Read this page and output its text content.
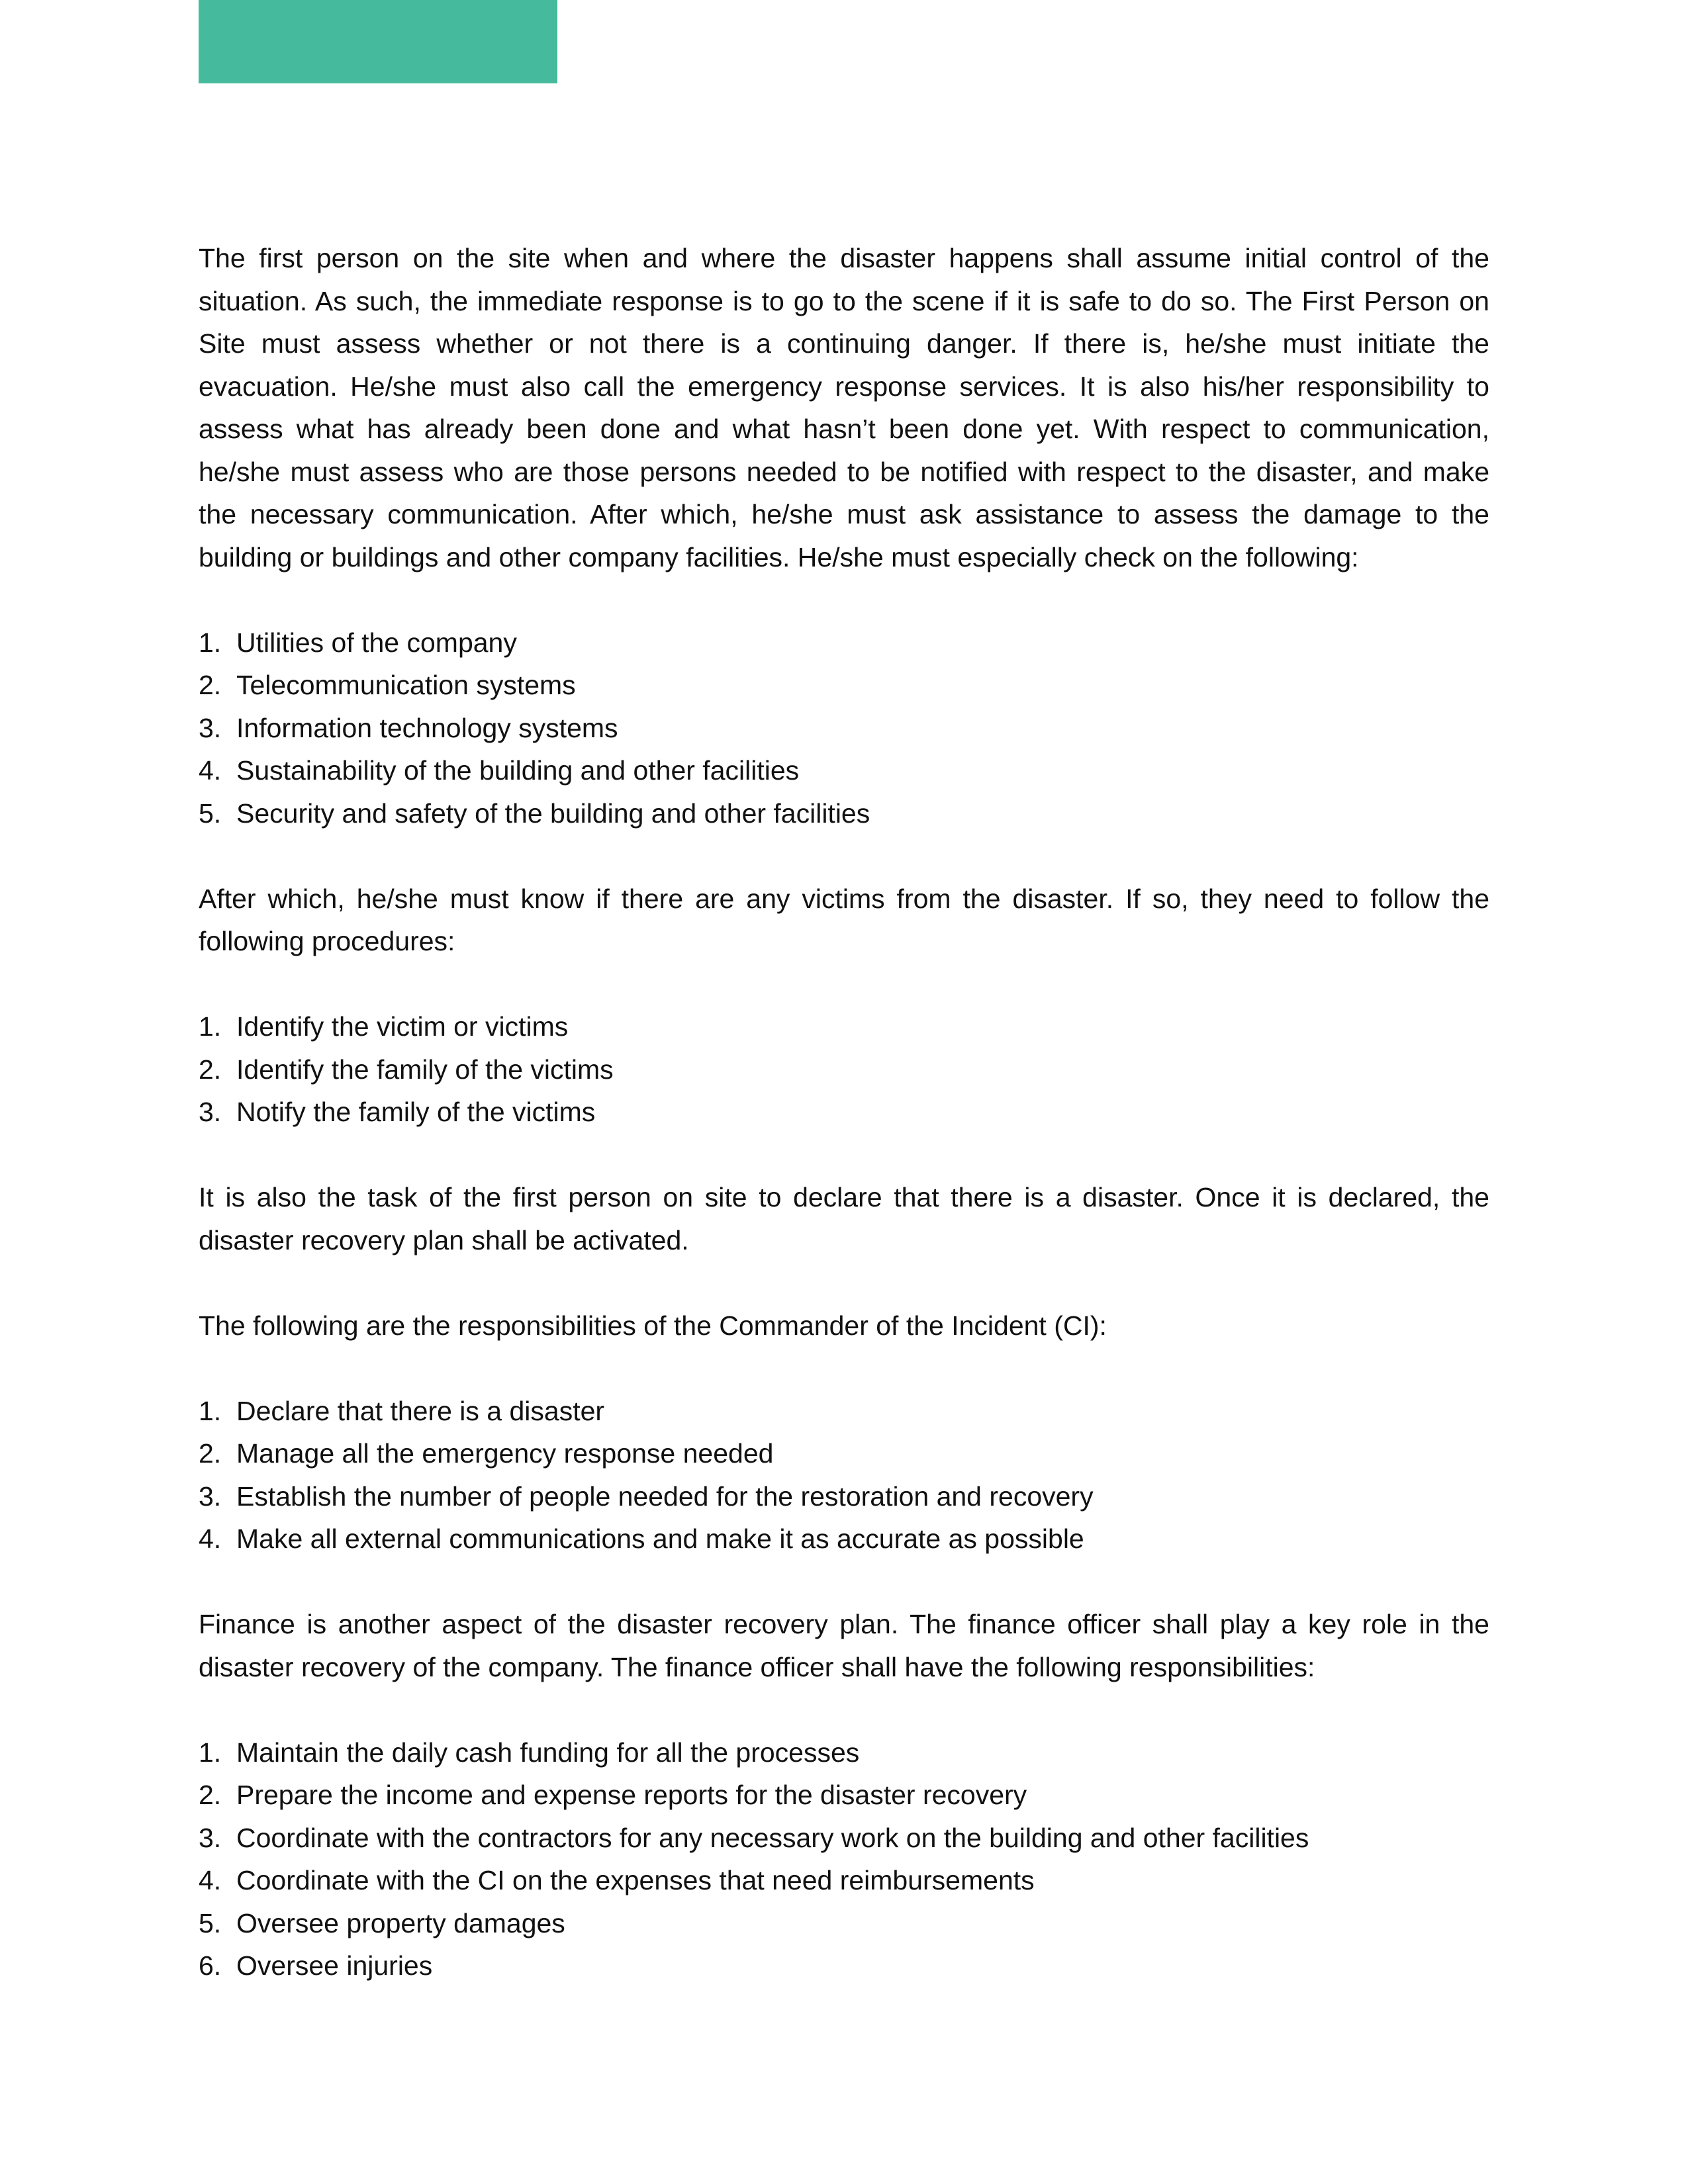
The first person on the site when and where the disaster happens shall assume initial control of the situation. As such, the immediate response is to go to the scene if it is safe to do so. The First Person on Site must assess whether or not there is a continuing danger. If there is, he/she must initiate the evacuation. He/she must also call the emergency response services. It is also his/her responsibility to assess what has already been done and what hasn’t been done yet. With respect to communication, he/she must assess who are those persons needed to be notified with respect to the disaster, and make the necessary communication. After which, he/she must ask assistance to assess the damage to the building or buildings and other company facilities. He/she must especially check on the following:

1. Utilities of the company
2. Telecommunication systems
3. Information technology systems
4. Sustainability of the building and other facilities
5. Security and safety of the building and other facilities

After which, he/she must know if there are any victims from the disaster. If so, they need to follow the following procedures:

1. Identify the victim or victims
2. Identify the family of the victims
3. Notify the family of the victims

It is also the task of the first person on site to declare that there is a disaster. Once it is declared, the disaster recovery plan shall be activated.

The following are the responsibilities of the Commander of the Incident (CI):

1. Declare that there is a disaster
2. Manage all the emergency response needed
3. Establish the number of people needed for the restoration and recovery
4. Make all external communications and make it as accurate as possible

Finance is another aspect of the disaster recovery plan. The finance officer shall play a key role in the disaster recovery of the company. The finance officer shall have the following responsibilities:

1. Maintain the daily cash funding for all the processes
2. Prepare the income and expense reports for the disaster recovery
3. Coordinate with the contractors for any necessary work on the building and other facilities
4. Coordinate with the CI on the expenses that need reimbursements
5. Oversee property damages
6. Oversee injuries
